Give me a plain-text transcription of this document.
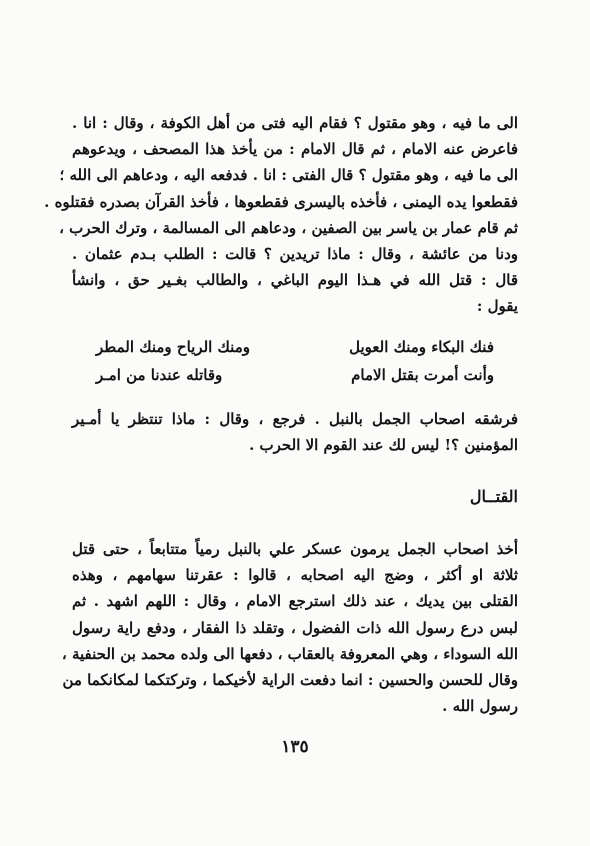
الى ما فيه ، وهو مقتول ؟ فقام اليه فتى من أهل الكوفة ، وقال : انا .
فاعرض عنه الامام ، ثم قال الامام : من يأخذ هذا المصحف ، ويدعوهم
الى ما فيه ، وهو مقتول ؟ قال الفتى : انا . فدفعه اليه ، ودعاهم الى الله ؛
فقطعوا يده اليمنى ، فأخذه باليسرى فقطعوها ، فأخذ القرآن بصدره فقتلوه .
ثم قام عمار بن ياسر بين الصفين ، ودعاهم الى المسالمة ، وترك الحرب ،
ودنا من عائشة ، وقال : ماذا تريدين ؟ قالت : الطلب بـدم عثمان .
قال : قتل الله في هـذا اليوم الباغي ، والطالب بغـير حق ، وانشأ
يقول :
فنك البكاء ومنك العويل
ومنك الرياح ومنك المطر
وأنت أمرت بقتل الامام
وقاتله عندنا من امـر
فرشقه اصحاب الجمل بالنبل . فرجع ، وقال : ماذا تنتظر يا أمـير
المؤمنين ؟! ليس لك عند القوم الا الحرب .
القتــال
أخذ اصحاب الجمل يرمون عسكر علي بالنبل رمياً متتابعاً ، حتى قتل
ثلاثة او أكثر ، وضج اليه اصحابه ، قالوا : عقرتنا سهامهم ، وهذه
القتلى بين يديك ، عند ذلك استرجع الامام ، وقال : اللهم اشهد . ثم
لبس درع رسول الله ذات الفضول ، وتقلد ذا الفقار ، ودفع راية رسول
الله السوداء ، وهي المعروفة بالعقاب ، دفعها الى ولده محمد بن الحنفية ،
وقال للحسن والحسين : انما دفعت الراية لأخيكما ، وتركتكما لمكانكما من
رسول الله .
١٣٥
